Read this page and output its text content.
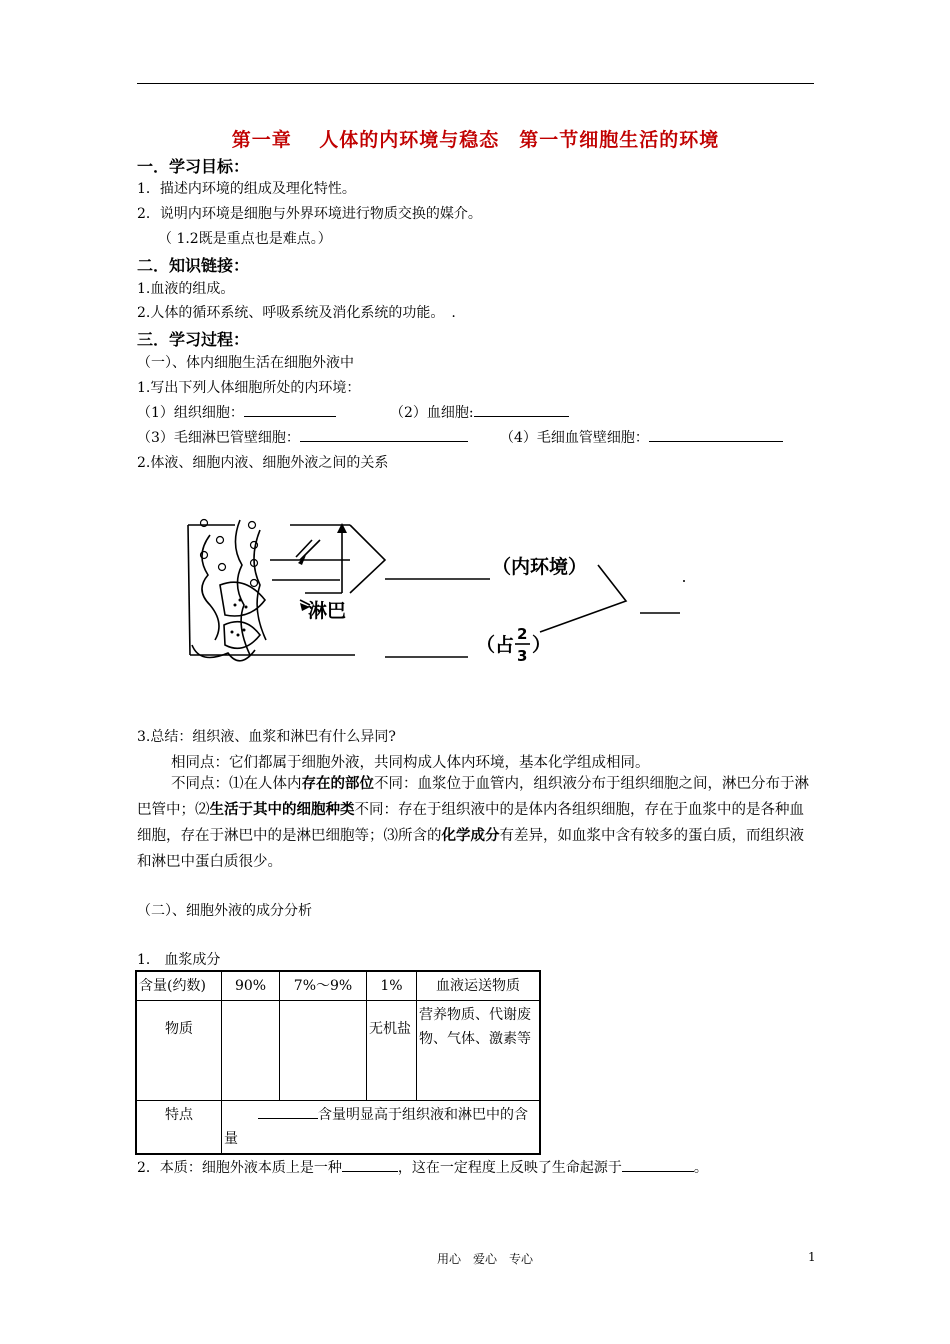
第一章　 人体的内环境与稳态　第一节细胞生活的环境
一．学习目标：
1．描述内环境的组成及理化特性。
2．说明内环境是细胞与外界环境进行物质交换的媒介。
（ 1.2既是重点也是难点。）
二．知识链接：
1.血液的组成。
2.人体的循环系统、呼吸系统及消化系统的功能。　.
三．学习过程：
（一）、体内细胞生活在细胞外液中
1.写出下列人体细胞所处的内环境：
（1）组织细胞：	（2）血细胞:
（3）毛细淋巴管壁细胞：	（4）毛细血管壁细胞：
2.体液、细胞内液、细胞外液之间的关系
淋巴
（内环境）
（占 2
3 ）
3.总结：组织液、血浆和淋巴有什么异同?
相同点：它们都属于细胞外液，共同构成人体内环境，基本化学组成相同。
不同点：⑴在人体内存在的部位不同：血浆位于血管内，组织液分布于组织细胞之间，淋巴分布于淋巴管中；⑵生活于其中的细胞种类不同：存在于组织液中的是体内各组织细胞，存在于血浆中的是各种血细胞，存在于淋巴中的是淋巴细胞等；⑶所含的化学成分有差异，如血浆中含有较多的蛋白质，而组织液和淋巴中蛋白质很少。
（二）、细胞外液的成分分析
1． 血浆成分
含量(约数)	90%	7%～9%	1%	血液运送物质
物质			无机盐	营养物质、代谢废物、气体、激素等
特点	含量明显高于组织液和淋巴中的含量			
2．本质：细胞外液本质上是一种	，这在一定程度上反映了生命起源于	。
用心　爱心　专心	1
